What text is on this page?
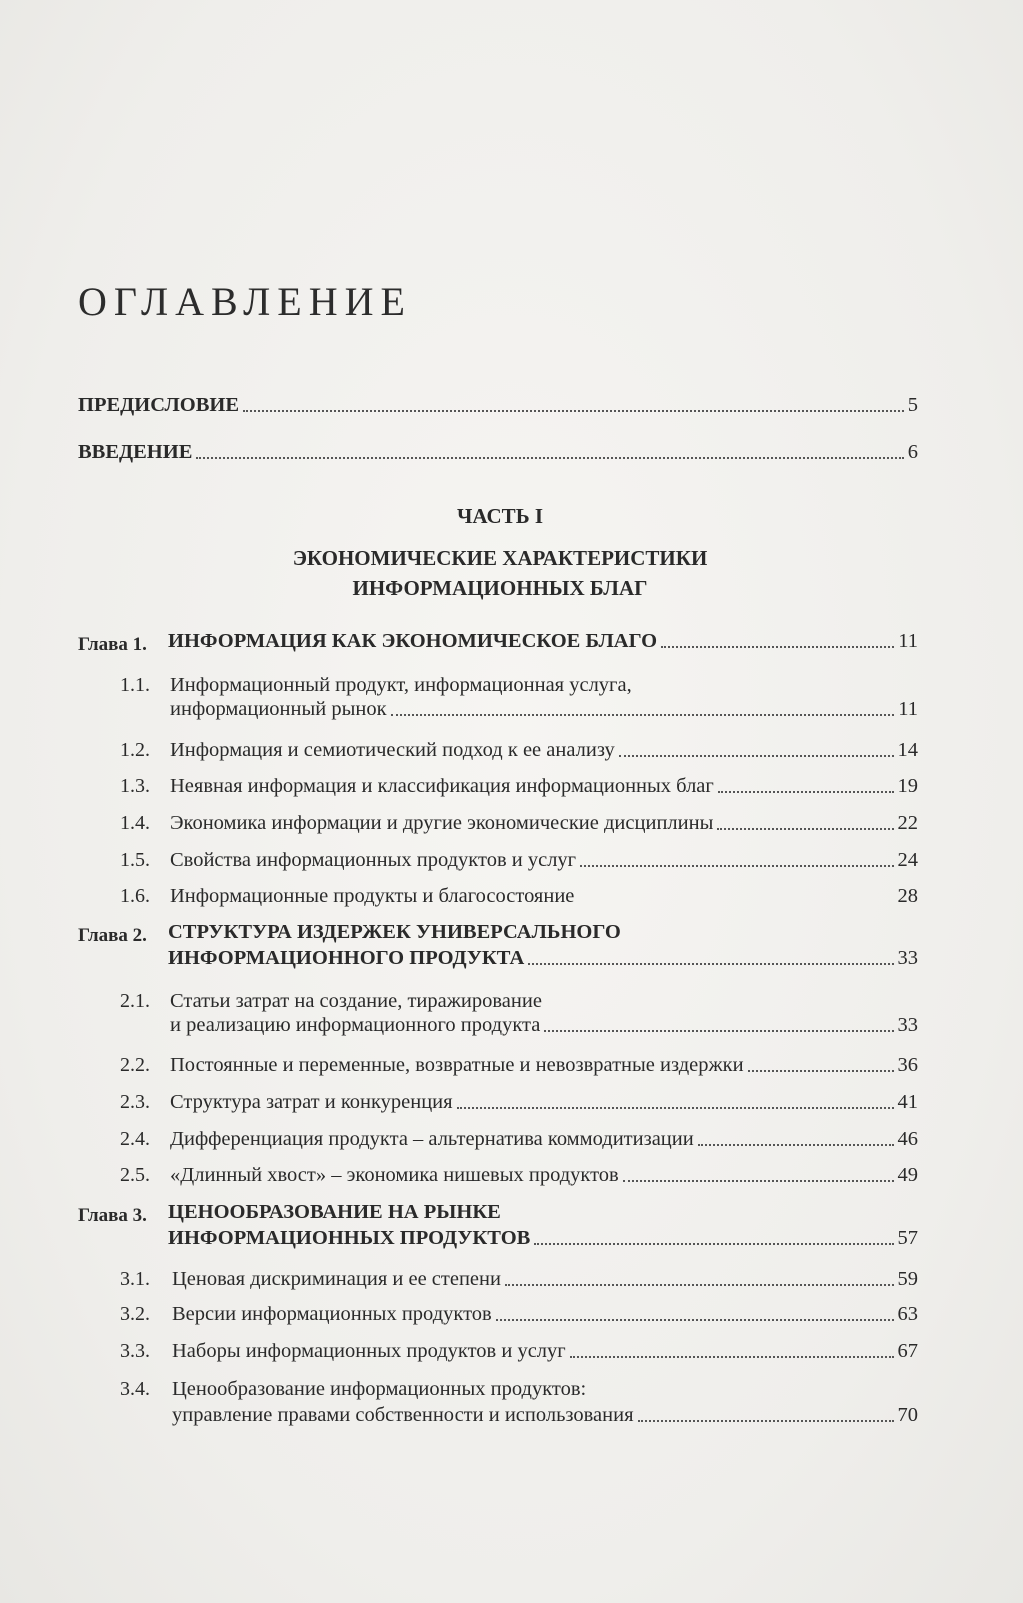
ОГЛАВЛЕНИЕ
ПРЕДИСЛОВИЕ	5
ВВЕДЕНИЕ	6
ЧАСТЬ I
ЭКОНОМИЧЕСКИЕ ХАРАКТЕРИСТИКИ
ИНФОРМАЦИОННЫХ БЛАГ
Глава 1. ИНФОРМАЦИЯ КАК ЭКОНОМИЧЕСКОЕ БЛАГО	11
1.1. Информационный продукт, информационная услуга,
информационный рынок	11
1.2. Информация и семиотический подход к ее анализу	14
1.3. Неявная информация и классификация информационных благ	19
1.4. Экономика информации и другие экономические дисциплины	22
1.5. Свойства информационных продуктов и услуг	24
1.6. Информационные продукты и благосостояние	28
Глава 2. СТРУКТУРА ИЗДЕРЖЕК УНИВЕРСАЛЬНОГО
ИНФОРМАЦИОННОГО ПРОДУКТА	33
2.1. Статьи затрат на создание, тиражирование
и реализацию информационного продукта	33
2.2. Постоянные и переменные, возвратные и невозвратные издержки	36
2.3. Структура затрат и конкуренция	41
2.4. Дифференциация продукта – альтернатива коммодитизации	46
2.5. «Длинный хвост» – экономика нишевых продуктов	49
Глава 3. ЦЕНООБРАЗОВАНИЕ НА РЫНКЕ
ИНФОРМАЦИОННЫХ ПРОДУКТОВ	57
3.1. Ценовая дискриминация и ее степени	59
3.2. Версии информационных продуктов	63
3.3. Наборы информационных продуктов и услуг	67
3.4. Ценообразование информационных продуктов:
управление правами собственности и использования	70
